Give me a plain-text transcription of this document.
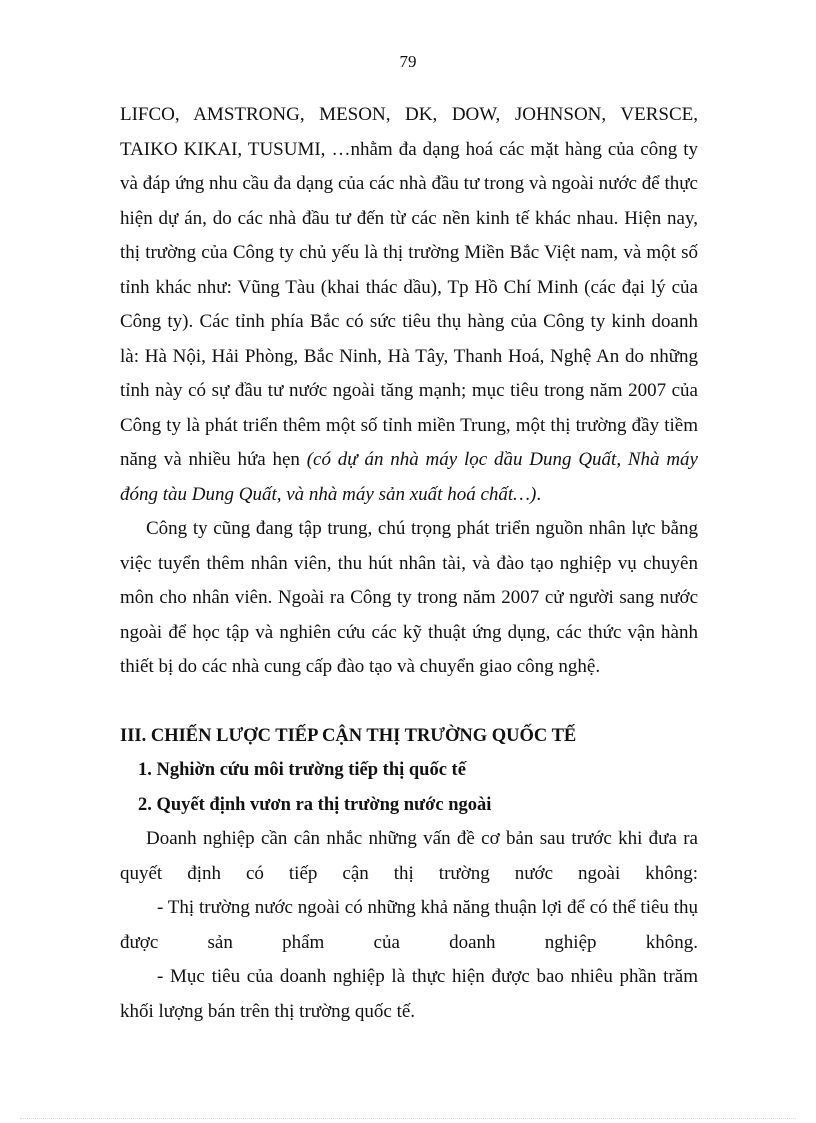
79

LIFCO, AMSTRONG, MESON, DK, DOW, JOHNSON, VERSCE, TAIKO KIKAI, TUSUMI, …nhằm đa dạng hoá các mặt hàng của công ty và đáp ứng nhu cầu đa dạng của các nhà đầu tư trong và ngoài nước để thực hiện dự án, do các nhà đầu tư đến từ các nền kinh tế khác nhau. Hiện nay, thị trường của Công ty chủ yếu là thị trường Miền Bắc Việt nam, và một số tỉnh khác như: Vũng Tàu (khai thác dầu), Tp Hồ Chí Minh (các đại lý của Công ty). Các tỉnh phía Bắc có sức tiêu thụ hàng của Công ty kinh doanh là: Hà Nội, Hải Phòng, Bắc Ninh, Hà Tây, Thanh Hoá, Nghệ An do những tỉnh này có sự đầu tư nước ngoài tăng mạnh; mục tiêu trong năm 2007 của Công ty là phát triển thêm một số tỉnh miền Trung, một thị trường đầy tiềm năng và nhiều hứa hẹn (có dự án nhà máy lọc dầu Dung Quất, Nhà máy đóng tàu Dung Quất, và nhà máy sản xuất hoá chất…).

Công ty cũng đang tập trung, chú trọng phát triển nguồn nhân lực bằng việc tuyển thêm nhân viên, thu hút nhân tài, và đào tạo nghiệp vụ chuyên môn cho nhân viên. Ngoài ra Công ty trong năm 2007 cử người sang nước ngoài để học tập và nghiên cứu các kỹ thuật ứng dụng, các thức vận hành thiết bị do các nhà cung cấp đào tạo và chuyển giao công nghệ.

III. CHIẾN LƯỢC TIẾP CẬN THỊ TRƯỜNG QUỐC TẾ

1. Nghiờn cứu môi trường tiếp thị quốc tế

2. Quyết định vươn ra thị trường nước ngoài

Doanh nghiệp cần cân nhắc những vấn đề cơ bản sau trước khi đưa ra

quyết định có tiếp cận thị trường nước ngoài không:

- Thị trường nước ngoài có những khả năng thuận lợi để có thể tiêu thụ

được sản phẩm của doanh nghiệp không.

- Mục tiêu của doanh nghiệp là thực hiện được bao nhiêu phần trăm

khối lượng bán trên thị trường quốc tế.
